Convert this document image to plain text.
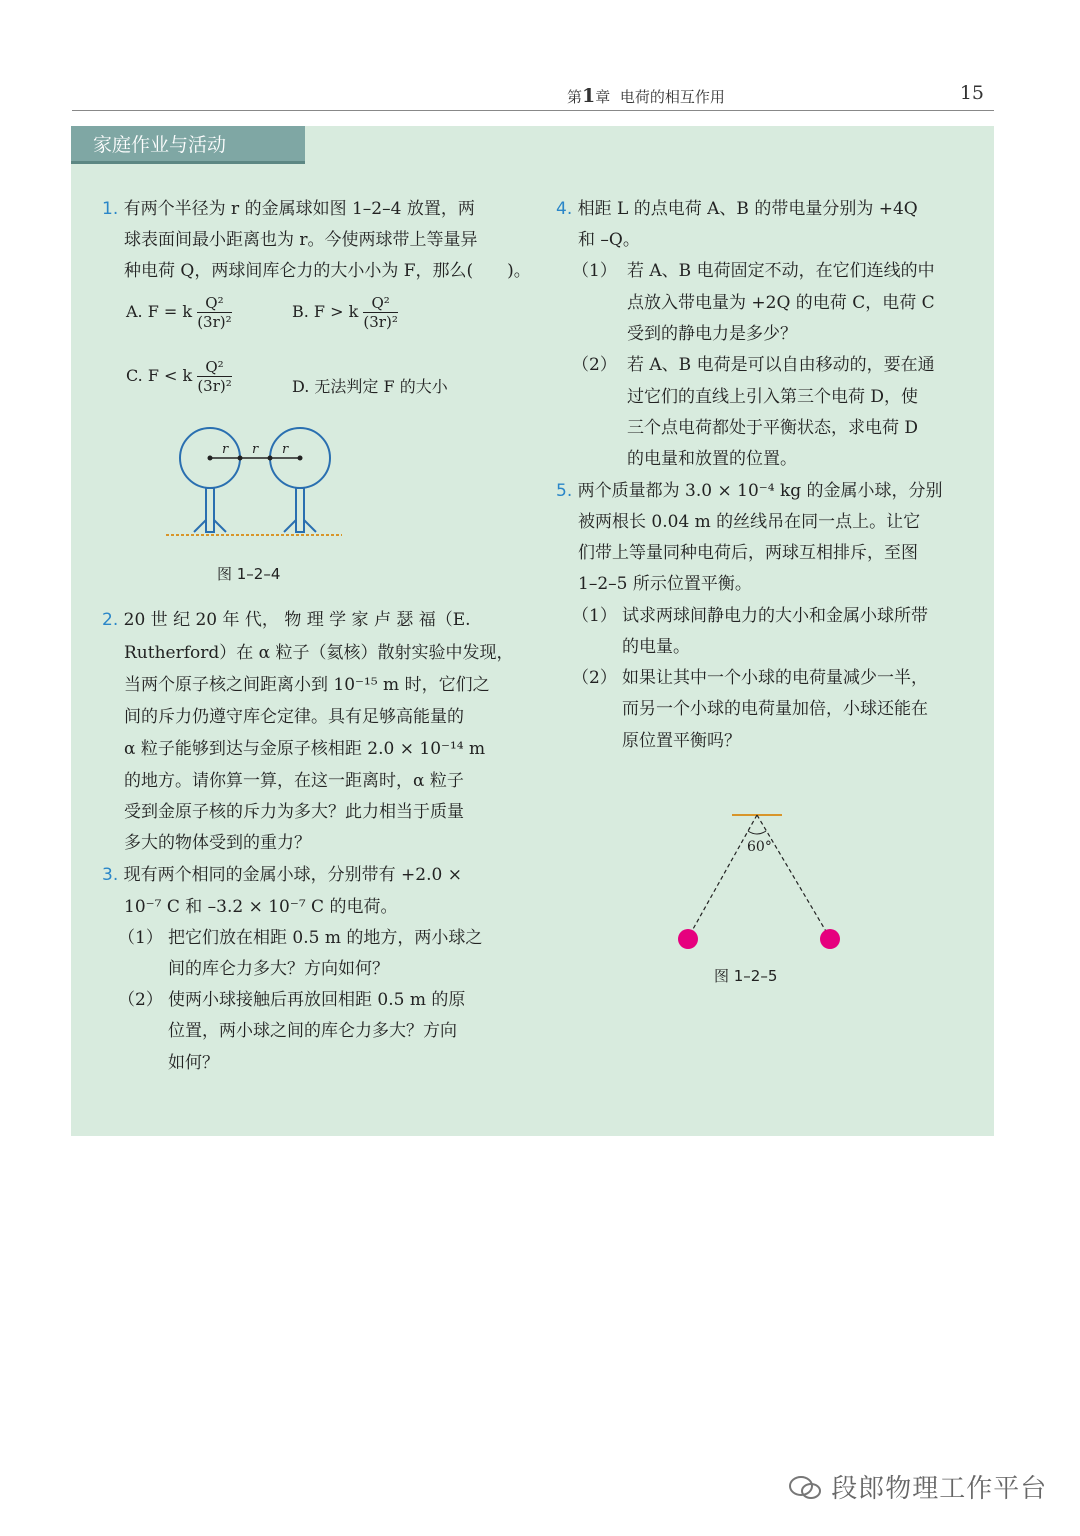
第1章 电荷的相互作用	15
家庭作业与活动
1. 有两个半径为 r 的金属球如图 1–2–4 放置，两
球表面间最小距离也为 r。今使两球带上等量异
种电荷 Q，两球间库仑力的大小小为 F，那么(　　)。
A. F = k $\frac{\text{Q²}}{\text{(3r)²}}$	B. F > k $\frac{\text{Q²}}{\text{(3r)²}}$
C. F < k $\frac{\text{Q²}}{\text{(3r)²}}$	D. 无法判定 F 的大小
r r r
图 1–2–4
2. 20 世 纪 20 年 代， 物 理 学 家 卢 瑟 福（E.
Rutherford）在 α 粒子（氦核）散射实验中发现，
当两个原子核之间距离小到 10⁻¹⁵ m 时，它们之
间的斥力仍遵守库仑定律。具有足够高能量的
α 粒子能够到达与金原子核相距 2.0 × 10⁻¹⁴ m
的地方。请你算一算，在这一距离时，α 粒子
受到金原子核的斥力为多大？此力相当于质量
多大的物体受到的重力？
3. 现有两个相同的金属小球，分别带有 +2.0 ×
10⁻⁷ C 和 –3.2 × 10⁻⁷ C 的电荷。
（1） 把它们放在相距 0.5 m 的地方，两小球之
间的库仑力多大？方向如何？
（2） 使两小球接触后再放回相距 0.5 m 的原
位置，两小球之间的库仑力多大？方向
如何？
4. 相距 L 的点电荷 A、B 的带电量分别为 +4Q
和 –Q。
（1） 若 A、B 电荷固定不动，在它们连线的中
点放入带电量为 +2Q 的电荷 C，电荷 C
受到的静电力是多少？
（2） 若 A、B 电荷是可以自由移动的，要在通
过它们的直线上引入第三个电荷 D，使
三个点电荷都处于平衡状态，求电荷 D
的电量和放置的位置。
5. 两个质量都为 3.0 × 10⁻⁴ kg 的金属小球，分别
被两根长 0.04 m 的丝线吊在同一点上。让它
们带上等量同种电荷后，两球互相排斥，至图
1–2–5 所示位置平衡。
（1） 试求两球间静电力的大小和金属小球所带
的电量。
（2） 如果让其中一个小球的电荷量减少一半，
而另一个小球的电荷量加倍，小球还能在
原位置平衡吗？
60°
图 1–2–5
段郎物理工作平台
